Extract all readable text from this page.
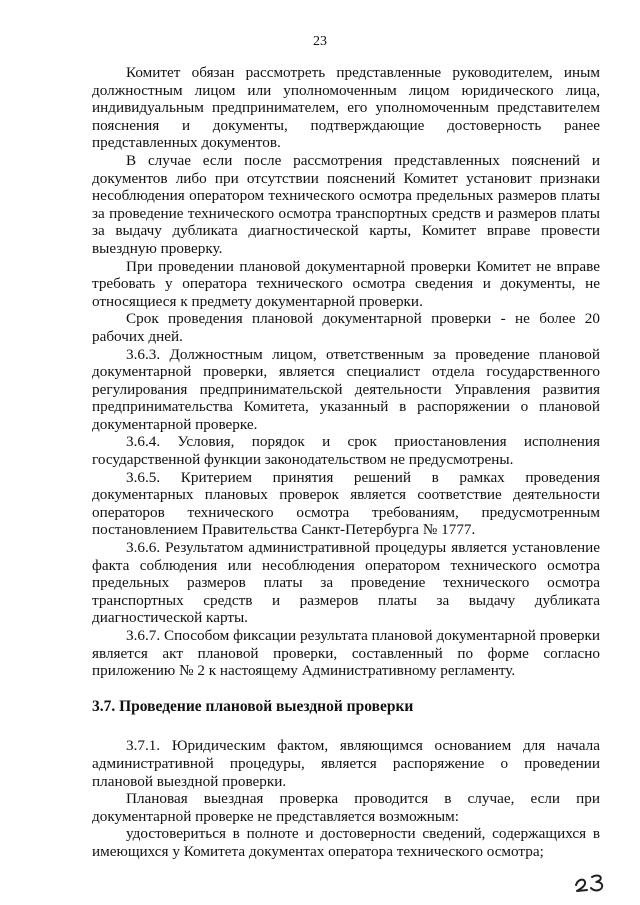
23

Комитет обязан рассмотреть представленные руководителем, иным должностным лицом или уполномоченным лицом юридического лица, индивидуальным предпринимателем, его уполномоченным представителем пояснения и документы, подтверждающие достоверность ранее представленных документов.

В случае если после рассмотрения представленных пояснений и документов либо при отсутствии пояснений Комитет установит признаки несоблюдения оператором технического осмотра предельных размеров платы за проведение технического осмотра транспортных средств и размеров платы за выдачу дубликата диагностической карты, Комитет вправе провести выездную проверку.

При проведении плановой документарной проверки Комитет не вправе требовать у оператора технического осмотра сведения и документы, не относящиеся к предмету документарной проверки.

Срок проведения плановой документарной проверки - не более 20 рабочих дней.

3.6.3. Должностным лицом, ответственным за проведение плановой документарной проверки, является специалист отдела государственного регулирования предпринимательской деятельности Управления развития предпринимательства Комитета, указанный в распоряжении о плановой документарной проверке.

3.6.4. Условия, порядок и срок приостановления исполнения государственной функции законодательством не предусмотрены.

3.6.5. Критерием принятия решений в рамках проведения документарных плановых проверок является соответствие деятельности операторов технического осмотра требованиям, предусмотренным постановлением Правительства Санкт-Петербурга № 1777.

3.6.6. Результатом административной процедуры является установление факта соблюдения или несоблюдения оператором технического осмотра предельных размеров платы за проведение технического осмотра транспортных средств и размеров платы за выдачу дубликата диагностической карты.

3.6.7. Способом фиксации результата плановой документарной проверки является акт плановой проверки, составленный по форме согласно приложению № 2 к настоящему Административному регламенту.

3.7. Проведение плановой выездной проверки

3.7.1. Юридическим фактом, являющимся основанием для начала административной процедуры, является распоряжение о проведении плановой выездной проверки.

Плановая выездная проверка проводится в случае, если при документарной проверке не представляется возможным:

удостовериться в полноте и достоверности сведений, содержащихся в имеющихся у Комитета документах оператора технического осмотра;
